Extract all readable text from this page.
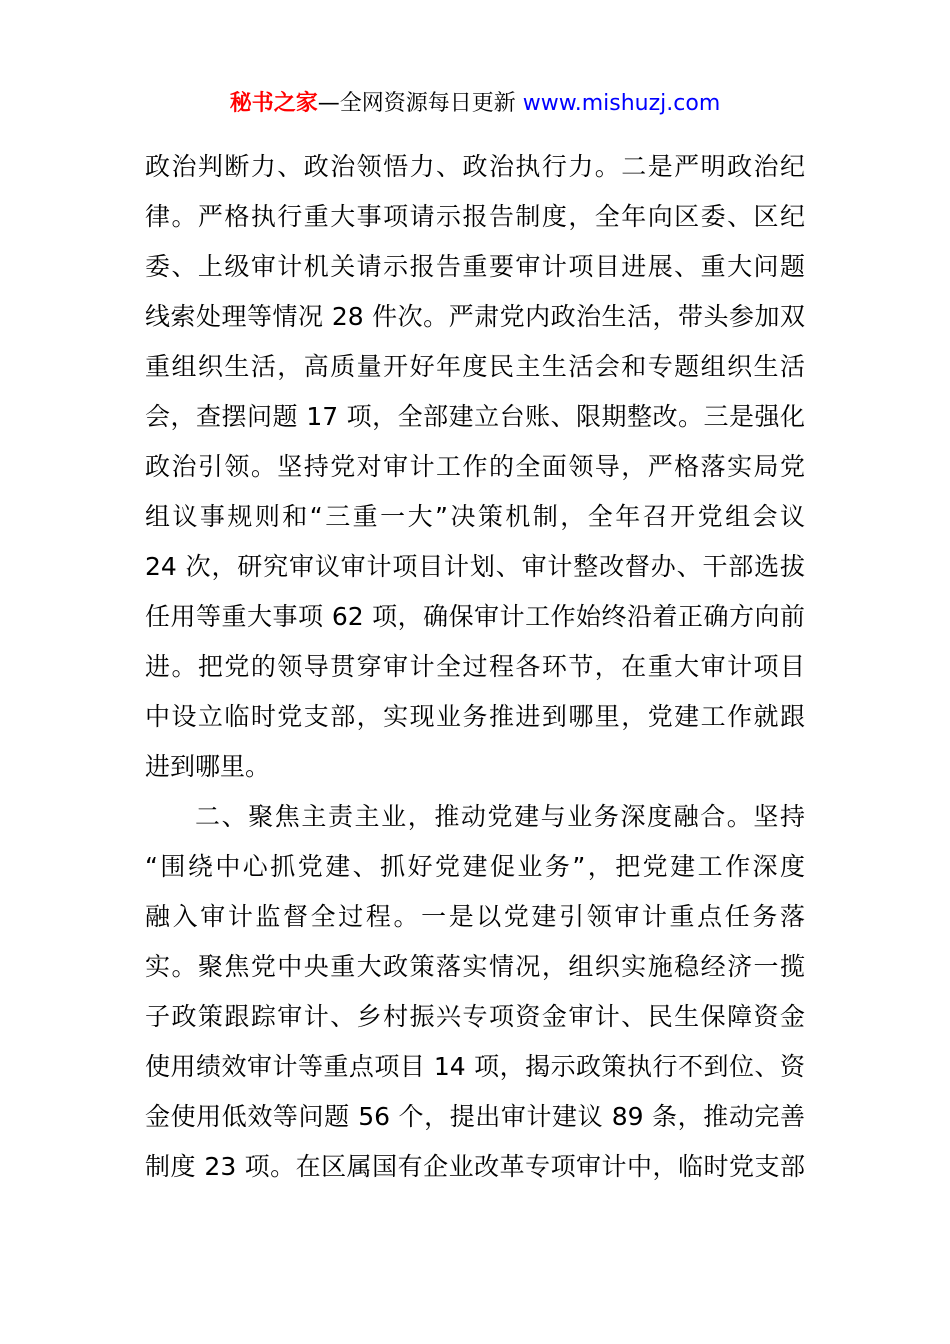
秘书之家—全网资源每日更新 www.mishuzj.com
政治判断力、政治领悟力、政治执行力。二是严明政治纪
律。严格执行重大事项请示报告制度，全年向区委、区纪
委、上级审计机关请示报告重要审计项目进展、重大问题
线索处理等情况 28 件次。严肃党内政治生活，带头参加双
重组织生活，高质量开好年度民主生活会和专题组织生活
会，查摆问题 17 项，全部建立台账、限期整改。三是强化
政治引领。坚持党对审计工作的全面领导，严格落实局党
组议事规则和“三重一大”决策机制，全年召开党组会议
24 次，研究审议审计项目计划、审计整改督办、干部选拔
任用等重大事项 62 项，确保审计工作始终沿着正确方向前
进。把党的领导贯穿审计全过程各环节，在重大审计项目
中设立临时党支部，实现业务推进到哪里，党建工作就跟
进到哪里。
二、聚焦主责主业，推动党建与业务深度融合。坚持
“围绕中心抓党建、抓好党建促业务”，把党建工作深度
融入审计监督全过程。一是以党建引领审计重点任务落
实。聚焦党中央重大政策落实情况，组织实施稳经济一揽
子政策跟踪审计、乡村振兴专项资金审计、民生保障资金
使用绩效审计等重点项目 14 项，揭示政策执行不到位、资
金使用低效等问题 56 个，提出审计建议 89 条，推动完善
制度 23 项。在区属国有企业改革专项审计中，临时党支部
